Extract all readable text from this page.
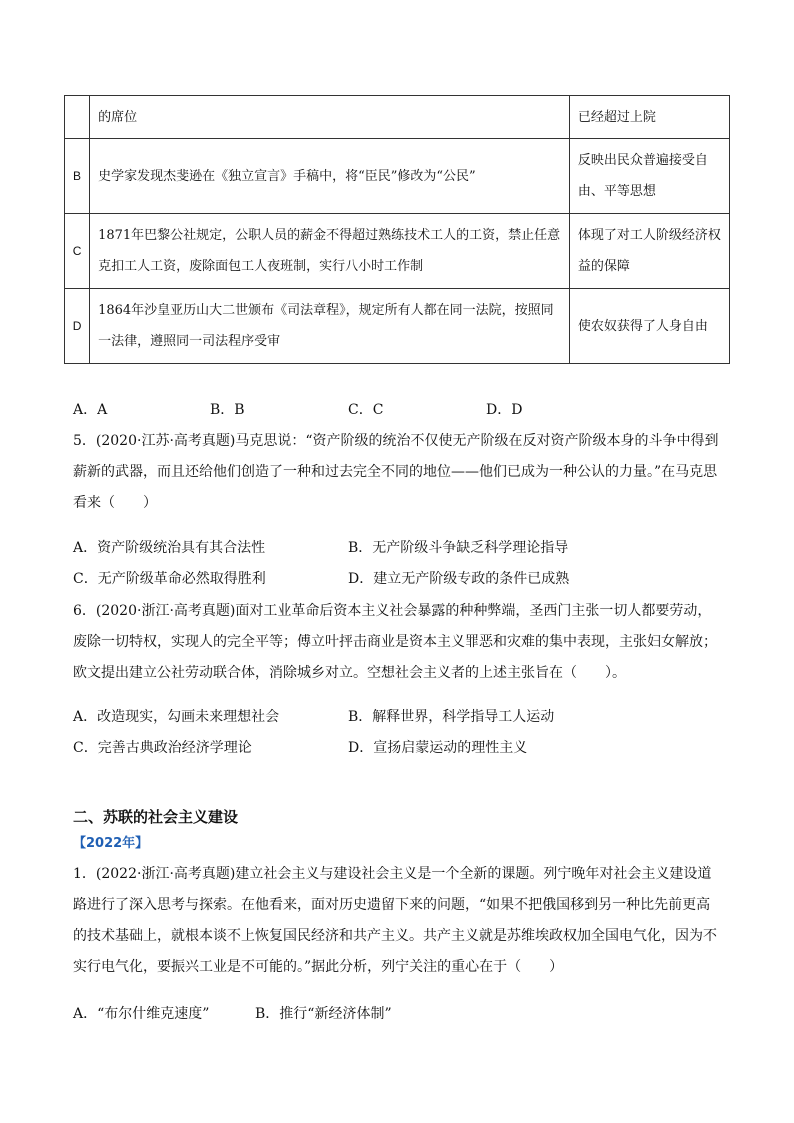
	的席位	已经超过上院
B	史学家发现杰斐逊在《独立宣言》手稿中，将“臣民”修改为“公民”	反映出民众普遍接受自由、平等思想
C	1871年巴黎公社规定，公职人员的薪金不得超过熟练技术工人的工资，禁止任意克扣工人工资，废除面包工人夜班制，实行八小时工作制	体现了对工人阶级经济权益的保障
D	1864年沙皇亚历山大二世颁布《司法章程》，规定所有人都在同一法院，按照同一法律，遵照同一司法程序受审	使农奴获得了人身自由
A．A	B．B	C．C	D．D
5．(2020·江苏·高考真题)马克思说：“资产阶级的统治不仅使无产阶级在反对资产阶级本身的斗争中得到薪新的武器，而且还给他们创造了一种和过去完全不同的地位——他们已成为一种公认的力量。”在马克思看来（　　）
A．资产阶级统治具有其合法性	B．无产阶级斗争缺乏科学理论指导
C．无产阶级革命必然取得胜利	D．建立无产阶级专政的条件已成熟
6．(2020·浙江·高考真题)面对工业革命后资本主义社会暴露的种种弊端，圣西门主张一切人都要劳动，废除一切特权，实现人的完全平等；傅立叶抨击商业是资本主义罪恶和灾难的集中表现，主张妇女解放；欧文提出建立公社劳动联合体，消除城乡对立。空想社会主义者的上述主张旨在（　　）。
A．改造现实，勾画未来理想社会	B．解释世界，科学指导工人运动
C．完善古典政治经济学理论	D．宣扬启蒙运动的理性主义
二、苏联的社会主义建设
【2022年】
1．(2022·浙江·高考真题)建立社会主义与建设社会主义是一个全新的课题。列宁晚年对社会主义建设道路进行了深入思考与探索。在他看来，面对历史遗留下来的问题，“如果不把俄国移到另一种比先前更高的技术基础上，就根本谈不上恢复国民经济和共产主义。共产主义就是苏维埃政权加全国电气化，因为不实行电气化，要振兴工业是不可能的。”据此分析，列宁关注的重心在于（　　）
A．“布尔什维克速度”	B．推行“新经济体制”
